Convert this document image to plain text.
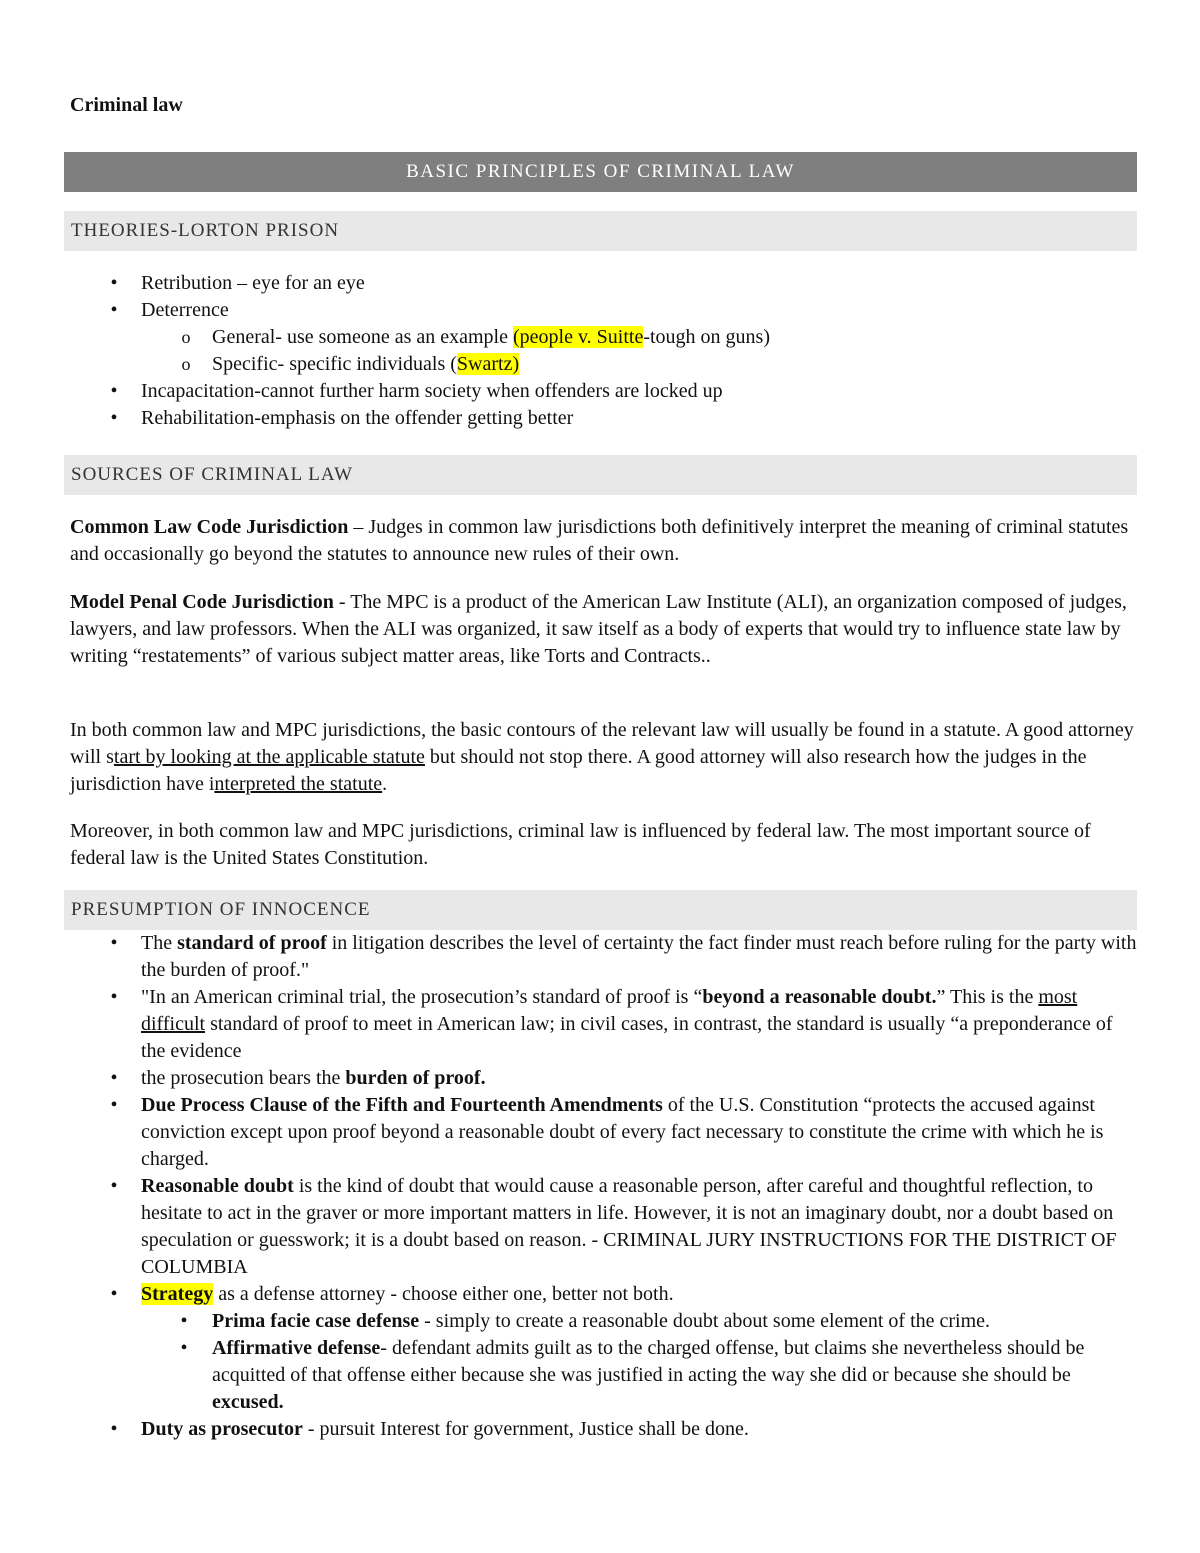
Criminal law
BASIC PRINCIPLES OF CRIMINAL LAW
THEORIES-LORTON PRISON
•	Retribution – eye for an eye
•	Deterrence
o General- use someone as an example (people v. Suitte-tough on guns)
o Specific- specific individuals (Swartz)
•	Incapacitation-cannot further harm society when offenders are locked up
•	Rehabilitation-emphasis on the offender getting better
SOURCES OF CRIMINAL LAW

Common Law Code Jurisdiction – Judges in common law jurisdictions both definitively interpret the meaning of criminal statutes and occasionally go beyond the statutes to announce new rules of their own.

Model Penal Code Jurisdiction - The MPC is a product of the American Law Institute (ALI), an organization composed of judges, lawyers, and law professors. When the ALI was organized, it saw itself as a body of experts that would try to influence state law by writing “restatements” of various subject matter areas, like Torts and Contracts..

In both common law and MPC jurisdictions, the basic contours of the relevant law will usually be found in a statute. A good attorney will start by looking at the applicable statute but should not stop there. A good attorney will also research how the judges in the jurisdiction have interpreted the statute.

Moreover, in both common law and MPC jurisdictions, criminal law is influenced by federal law. The most important source of federal law is the United States Constitution.

PRESUMPTION OF INNOCENCE
•	The standard of proof in litigation describes the level of certainty the fact finder must reach before ruling for the party with the burden of proof."
•	"In an American criminal trial, the prosecution’s standard of proof is “beyond a reasonable doubt.” This is the most difficult standard of proof to meet in American law; in civil cases, in contrast, the standard is usually “a preponderance of the evidence
•	the prosecution bears the burden of proof.
•	Due Process Clause of the Fifth and Fourteenth Amendments of the U.S. Constitution “protects the accused against conviction except upon proof beyond a reasonable doubt of every fact necessary to constitute the crime with which he is charged.
•	Reasonable doubt is the kind of doubt that would cause a reasonable person, after careful and thoughtful reflection, to hesitate to act in the graver or more important matters in life. However, it is not an imaginary doubt, nor a doubt based on speculation or guesswork; it is a doubt based on reason. - CRIMINAL JURY INSTRUCTIONS FOR THE DISTRICT OF COLUMBIA
•	Strategy as a defense attorney - choose either one, better not both.
•	Prima facie case defense - simply to create a reasonable doubt about some element of the crime.
•	Affirmative defense- defendant admits guilt as to the charged offense, but claims she nevertheless should be acquitted of that offense either because she was justified in acting the way she did or because she should be excused.
•	Duty as prosecutor - pursuit Interest for government, Justice shall be done.
